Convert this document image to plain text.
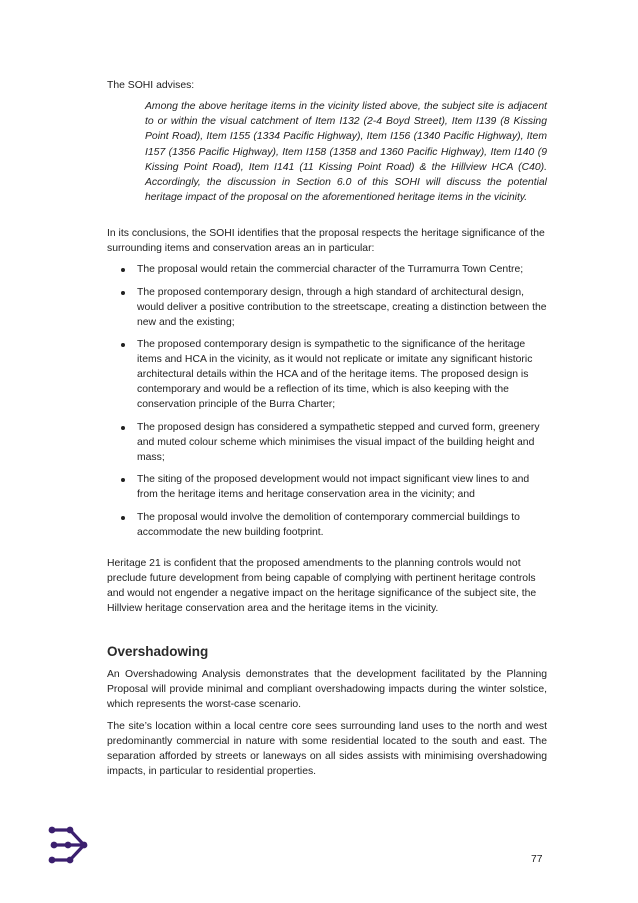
The SOHI advises:
Among the above heritage items in the vicinity listed above, the subject site is adjacent to or within the visual catchment of Item I132 (2-4 Boyd Street), Item I139 (8 Kissing Point Road), Item I155 (1334 Pacific Highway), Item I156 (1340 Pacific Highway), Item I157 (1356 Pacific Highway), Item I158 (1358 and 1360 Pacific Highway), Item I140 (9 Kissing Point Road), Item I141 (11 Kissing Point Road) & the Hillview HCA (C40). Accordingly, the discussion in Section 6.0 of this SOHI will discuss the potential heritage impact of the proposal on the aforementioned heritage items in the vicinity.
In its conclusions, the SOHI identifies that the proposal respects the heritage significance of the surrounding items and conservation areas an in particular:
The proposal would retain the commercial character of the Turramurra Town Centre;
The proposed contemporary design, through a high standard of architectural design, would deliver a positive contribution to the streetscape, creating a distinction between the new and the existing;
The proposed contemporary design is sympathetic to the significance of the heritage items and HCA in the vicinity, as it would not replicate or imitate any significant historic architectural details within the HCA and of the heritage items. The proposed design is contemporary and would be a reflection of its time, which is also keeping with the conservation principle of the Burra Charter;
The proposed design has considered a sympathetic stepped and curved form, greenery and muted colour scheme which minimises the visual impact of the building height and mass;
The siting of the proposed development would not impact significant view lines to and from the heritage items and heritage conservation area in the vicinity; and
The proposal would involve the demolition of contemporary commercial buildings to accommodate the new building footprint.
Heritage 21 is confident that the proposed amendments to the planning controls would not preclude future development from being capable of complying with pertinent heritage controls and would not engender a negative impact on the heritage significance of the subject site, the Hillview heritage conservation area and the heritage items in the vicinity.
Overshadowing
An Overshadowing Analysis demonstrates that the development facilitated by the Planning Proposal will provide minimal and compliant overshadowing impacts during the winter solstice, which represents the worst-case scenario.
The site’s location within a local centre core sees surrounding land uses to the north and west predominantly commercial in nature with some residential located to the south and east. The separation afforded by streets or laneways on all sides assists with minimising overshadowing impacts, in particular to residential properties.
77
